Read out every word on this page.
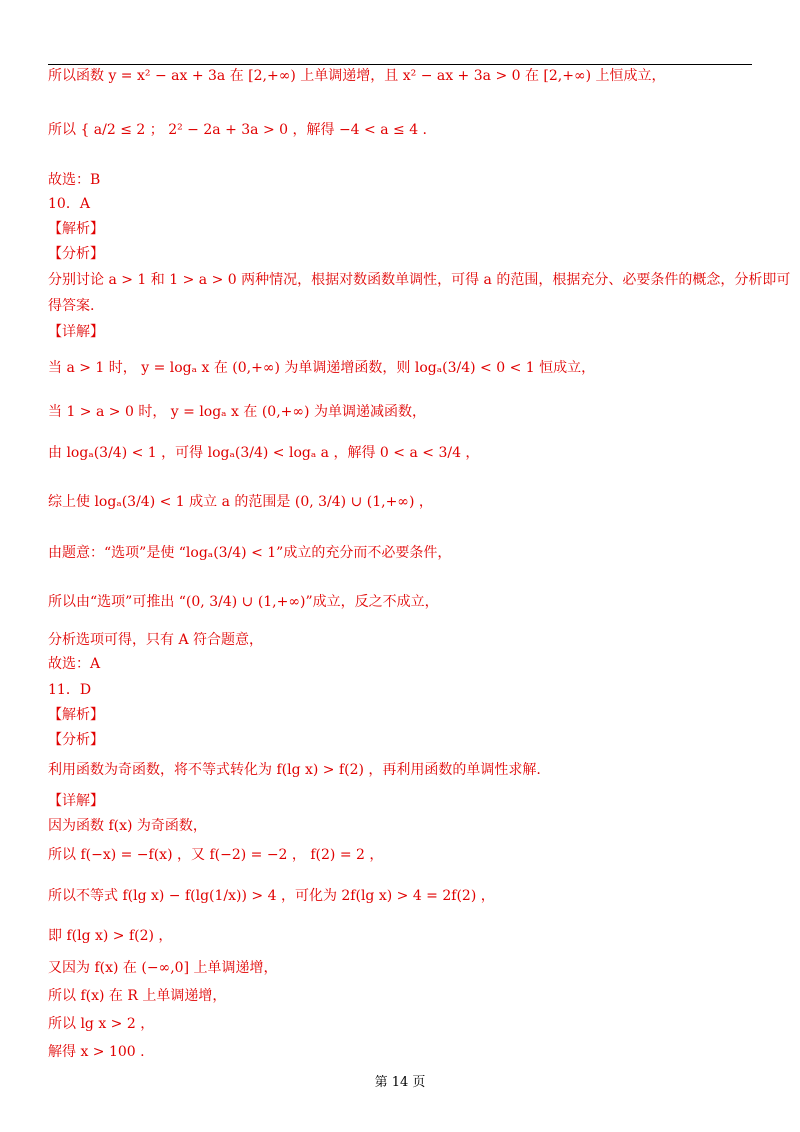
所以函数 y = x² − ax + 3a 在 [2,+∞) 上单调递增，且 x² − ax + 3a > 0 在 [2,+∞) 上恒成立，
所以 { a/2 ≤ 2 ； 2² − 2a + 3a > 0 ，解得 −4 < a ≤ 4 .
故选：B
10．A
【解析】
【分析】
分别讨论 a > 1 和 1 > a > 0 两种情况，根据对数函数单调性，可得 a 的范围，根据充分、必要条件的概念，分析即可
得答案.
【详解】
当 a > 1 时， y = logₐ x 在 (0,+∞) 为单调递增函数，则 logₐ(3/4) < 0 < 1 恒成立，
当 1 > a > 0 时， y = logₐ x 在 (0,+∞) 为单调递减函数，
由 logₐ(3/4) < 1 ，可得 logₐ(3/4) < logₐ a ，解得 0 < a < 3/4 ，
综上使 logₐ(3/4) < 1 成立 a 的范围是 (0, 3/4) ∪ (1,+∞) ，
由题意：“选项”是使 “logₐ(3/4) < 1”成立的充分而不必要条件，
所以由“选项”可推出 “(0, 3/4) ∪ (1,+∞)”成立，反之不成立，
分析选项可得，只有 A 符合题意，
故选：A
11．D
【解析】
【分析】
利用函数为奇函数，将不等式转化为 f(lg x) > f(2) ，再利用函数的单调性求解.
【详解】
因为函数 f(x) 为奇函数，
所以 f(−x) = −f(x) ，又 f(−2) = −2 ， f(2) = 2 ，
所以不等式 f(lg x) − f(lg(1/x)) > 4 ，可化为 2f(lg x) > 4 = 2f(2) ，
即 f(lg x) > f(2) ，
又因为 f(x) 在 (−∞,0] 上单调递增，
所以 f(x) 在 R 上单调递增，
所以 lg x > 2 ，
解得 x > 100 .
第 14 页
